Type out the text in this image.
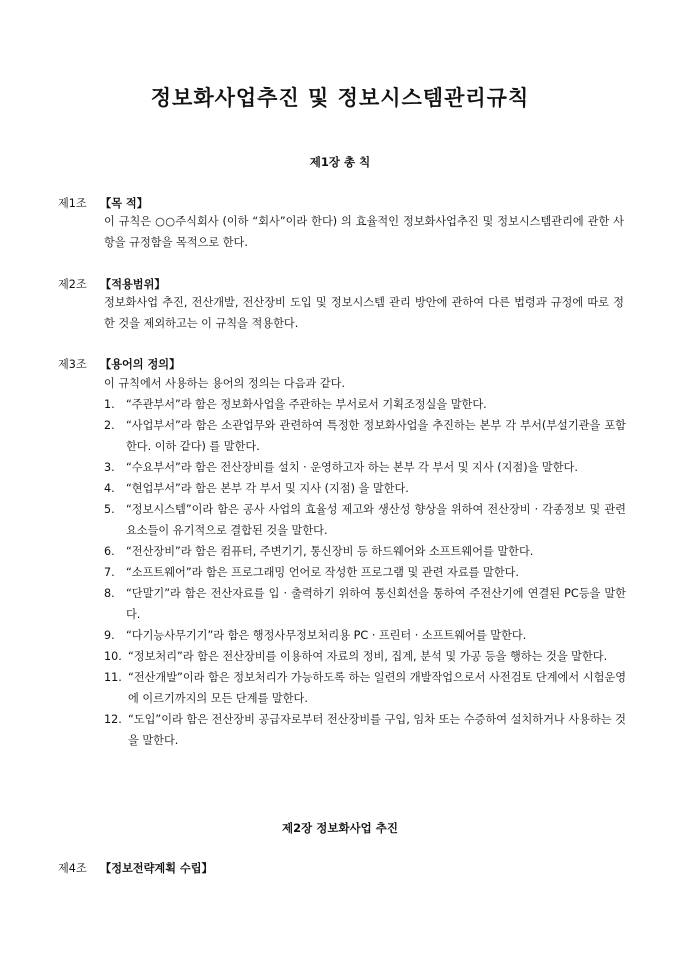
정보화사업추진 및 정보시스템관리규칙
제1장 총 칙
제1조 【목 적】
이 규칙은 ○○주식회사 (이하 “회사”이라 한다) 의 효율적인 정보화사업추진 및 정보시스템관리에 관한 사항을 규정함을 목적으로 한다.
제2조 【적용범위】
정보화사업 추진, 전산개발, 전산장비 도입 및 정보시스템 관리 방안에 관하여 다른 법령과 규정에 따로 정한 것을 제외하고는 이 규칙을 적용한다.
제3조 【용어의 정의】
이 규칙에서 사용하는 용어의 정의는 다음과 같다.
1. “주관부서”라 함은 정보화사업을 주관하는 부서로서 기획조정실을 말한다.
2. “사업부서”라 함은 소관업무와 관련하여 특정한 정보화사업을 추진하는 본부 각 부서(부설기관을 포함한다. 이하 같다) 를 말한다.
3. “수요부서”라 함은 전산장비를 설치 · 운영하고자 하는 본부 각 부서 및 지사 (지점)을 말한다.
4. “현업부서”라 함은 본부 각 부서 및 지사 (지점) 을 말한다.
5. “정보시스템”이라 함은 공사 사업의 효율성 제고와 생산성 향상을 위하여 전산장비 · 각종정보 및 관련요소들이 유기적으로 결합된 것을 말한다.
6. “전산장비”라 함은 컴퓨터, 주변기기, 통신장비 등 하드웨어와 소프트웨어를 말한다.
7. “소프트웨어”라 함은 프로그래밍 언어로 작성한 프로그램 및 관련 자료를 말한다.
8. “단말기”라 함은 전산자료를 입 · 출력하기 위하여 통신회선을 통하여 주전산기에 연결된 PC등을 말한다.
9. “다기능사무기기”라 함은 행정사무정보처리용 PC · 프린터 · 소프트웨어를 말한다.
10. “정보처리”라 함은 전산장비를 이용하여 자료의 정비, 집계, 분석 및 가공 등을 행하는 것을 말한다.
11. “전산개발”이라 함은 정보처리가 가능하도록 하는 일련의 개발작업으로서 사전검토 단계에서 시험운영에 이르기까지의 모든 단계를 말한다.
12. “도입”이라 함은 전산장비 공급자로부터 전산장비를 구입, 임차 또는 수증하여 설치하거나 사용하는 것을 말한다.
제2장 정보화사업 추진
제4조 【정보전략계획 수립】
